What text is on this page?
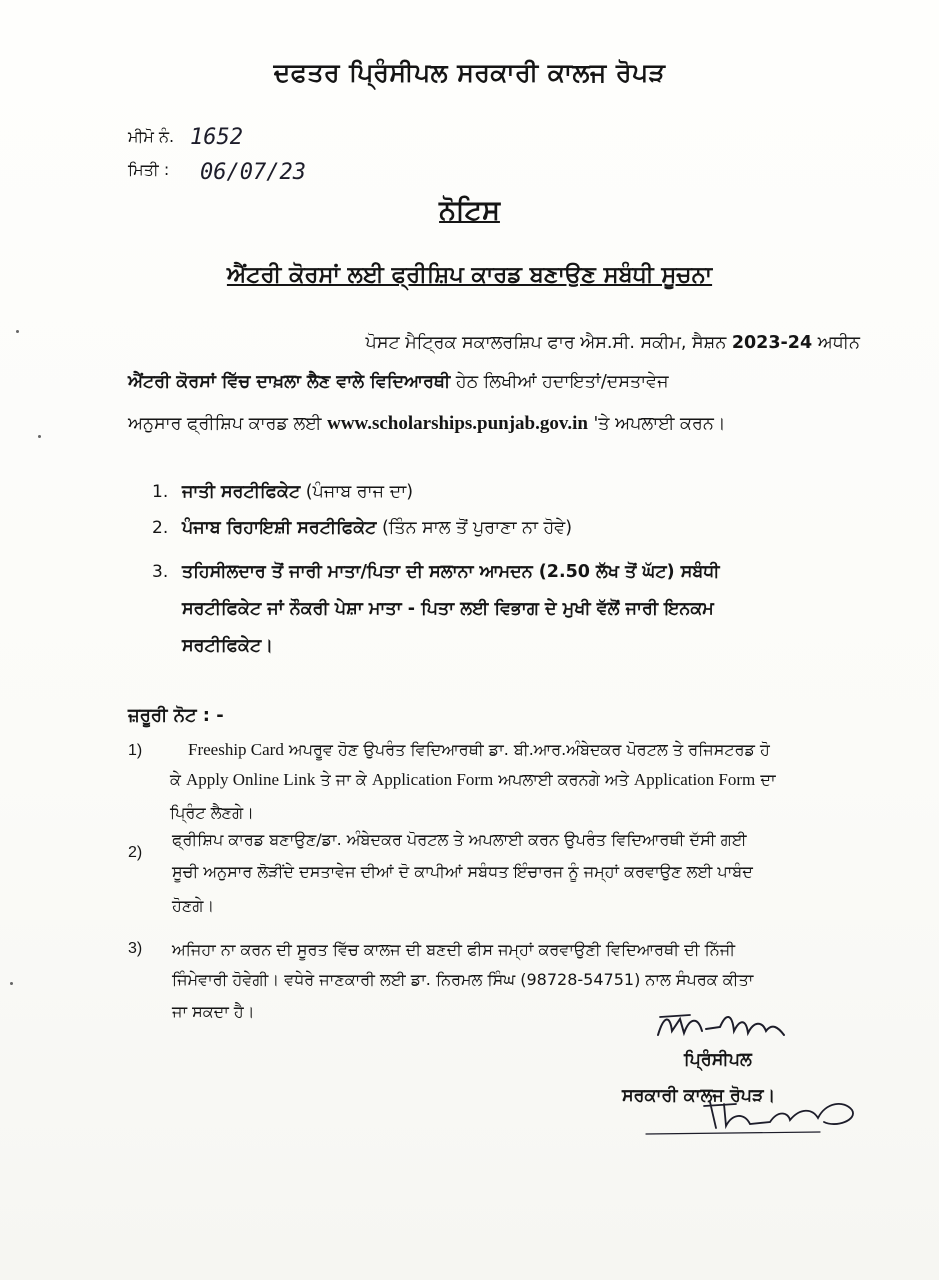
ਦਫਤਰ ਪ੍ਰਿੰਸੀਪਲ ਸਰਕਾਰੀ ਕਾਲਜ ਰੋਪੜ
ਮੀਮੋ ਨੰ. 1652
ਮਿਤੀ : 06/07/23
ਨੋਟਿਸ
ਐਂਟਰੀ ਕੋਰਸਾਂ ਲਈ ਫ੍ਰੀਸ਼ਿਪ ਕਾਰਡ ਬਣਾਉਣ ਸਬੰਧੀ ਸੂਚਨਾ
ਪੋਸਟ ਮੈਟ੍ਰਿਕ ਸਕਾਲਰਸ਼ਿਪ ਫਾਰ ਐਸ.ਸੀ. ਸਕੀਮ, ਸੈਸ਼ਨ 2023-24 ਅਧੀਨ
ਐਂਟਰੀ ਕੋਰਸਾਂ ਵਿੱਚ ਦਾਖ਼ਲਾ ਲੈਣ ਵਾਲੇ ਵਿਦਿਆਰਥੀ ਹੇਠ ਲਿਖੀਆਂ ਹਦਾਇਤਾਂ/ਦਸਤਾਵੇਜ
ਅਨੁਸਾਰ ਫ੍ਰੀਸ਼ਿਪ ਕਾਰਡ ਲਈ www.scholarships.punjab.gov.in 'ਤੇ ਅਪਲਾਈ ਕਰਨ।
1. ਜਾਤੀ ਸਰਟੀਫਿਕੇਟ (ਪੰਜਾਬ ਰਾਜ ਦਾ)
2. ਪੰਜਾਬ ਰਿਹਾਇਸ਼ੀ ਸਰਟੀਫਿਕੇਟ (ਤਿੰਨ ਸਾਲ ਤੋਂ ਪੁਰਾਣਾ ਨਾ ਹੋਵੇ)
3. ਤਹਿਸੀਲਦਾਰ ਤੋਂ ਜਾਰੀ ਮਾਤਾ/ਪਿਤਾ ਦੀ ਸਲਾਨਾ ਆਮਦਨ (2.50 ਲੱਖ ਤੋਂ ਘੱਟ) ਸਬੰਧੀ
ਸਰਟੀਫਿਕੇਟ ਜਾਂ ਨੌਕਰੀ ਪੇਸ਼ਾ ਮਾਤਾ - ਪਿਤਾ ਲਈ ਵਿਭਾਗ ਦੇ ਮੁਖੀ ਵੱਲੋਂ ਜਾਰੀ ਇਨਕਮ
ਸਰਟੀਫਿਕੇਟ।
ਜ਼ਰੂਰੀ ਨੋਟ : -
1)	Freeship Card ਅਪਰੂਵ ਹੋਣ ਉਪਰੰਤ ਵਿਦਿਆਰਥੀ ਡਾ. ਬੀ.ਆਰ.ਅੰਬੇਦਕਰ ਪੋਰਟਲ ਤੇ ਰਜਿਸਟਰਡ ਹੋ
ਕੇ Apply Online Link ਤੇ ਜਾ ਕੇ Application Form ਅਪਲਾਈ ਕਰਨਗੇ ਅਤੇ Application Form ਦਾ
ਪ੍ਰਿੰਟ ਲੈਣਗੇ।
2)
ਫ੍ਰੀਸ਼ਿਪ ਕਾਰਡ ਬਣਾਉਣ/ਡਾ. ਅੰਬੇਦਕਰ ਪੋਰਟਲ ਤੇ ਅਪਲਾਈ ਕਰਨ ਉਪਰੰਤ ਵਿਦਿਆਰਥੀ ਦੱਸੀ ਗਈ
ਸੂਚੀ ਅਨੁਸਾਰ ਲੋੜੀਂਦੇ ਦਸਤਾਵੇਜ ਦੀਆਂ ਦੋ ਕਾਪੀਆਂ ਸਬੰਧਤ ਇੰਚਾਰਜ ਨੂੰ ਜਮ੍ਹਾਂ ਕਰਵਾਉਣ ਲਈ ਪਾਬੰਦ
ਹੋਣਗੇ।
3) ਅਜਿਹਾ ਨਾ ਕਰਨ ਦੀ ਸੂਰਤ ਵਿੱਚ ਕਾਲਜ ਦੀ ਬਣਦੀ ਫੀਸ ਜਮ੍ਹਾਂ ਕਰਵਾਉਣੀ ਵਿਦਿਆਰਥੀ ਦੀ ਨਿੱਜੀ
ਜਿੰਮੇਵਾਰੀ ਹੋਵੇਗੀ। ਵਧੇਰੇ ਜਾਣਕਾਰੀ ਲਈ ਡਾ. ਨਿਰਮਲ ਸਿੰਘ (98728-54751) ਨਾਲ ਸੰਪਰਕ ਕੀਤਾ
ਜਾ ਸਕਦਾ ਹੈ।
ਪ੍ਰਿੰਸੀਪਲ
ਸਰਕਾਰੀ ਕਾਲਜ ਰੋਪੜ।
